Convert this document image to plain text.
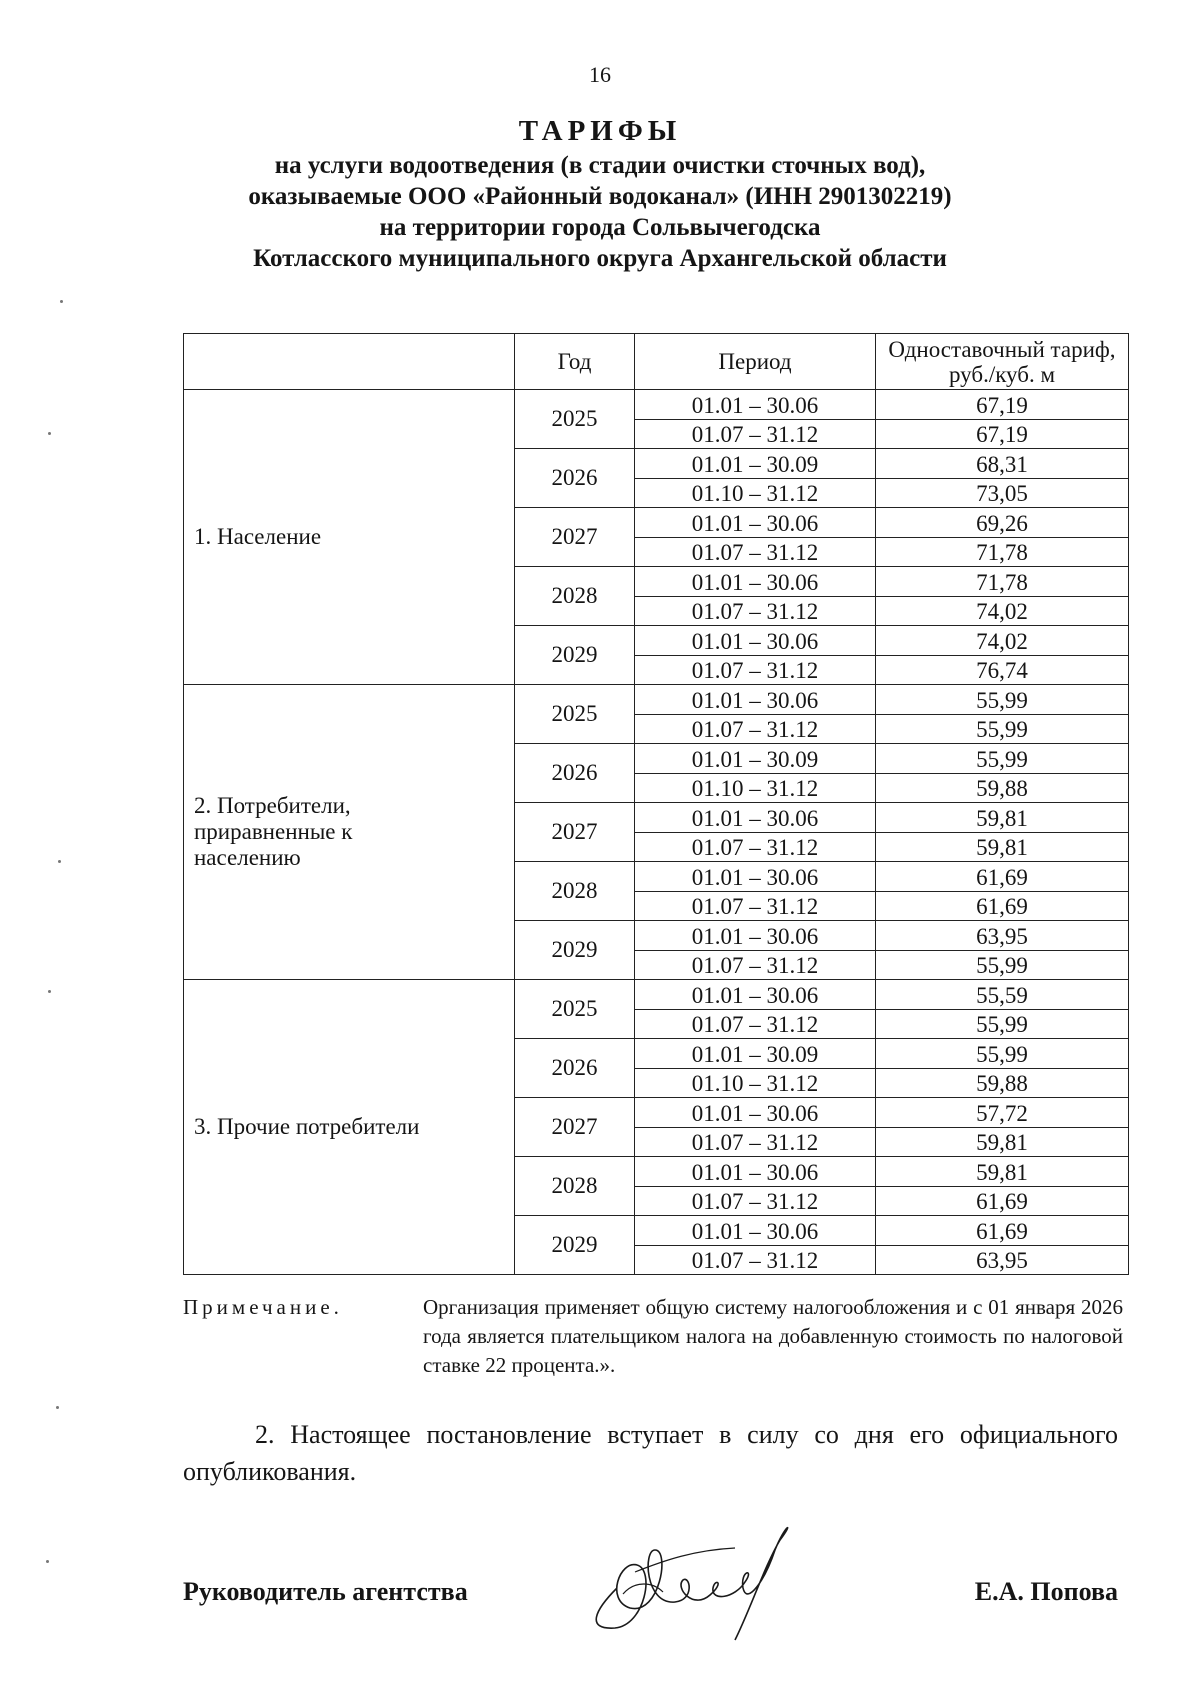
16
ТАРИФЫ
на услуги водоотведения (в стадии очистки сточных вод),
оказываемые ООО «Районный водоканал» (ИНН 2901302219)
на территории города Сольвычегодска
Котласского муниципального округа Архангельской области
	Год	Период	Одноставочный тариф, руб./куб. м
1. Население	2025	01.01 – 30.06	67,19
		01.07 – 31.12	67,19
	2026	01.01 – 30.09	68,31
		01.10 – 31.12	73,05
	2027	01.01 – 30.06	69,26
		01.07 – 31.12	71,78
	2028	01.01 – 30.06	71,78
		01.07 – 31.12	74,02
	2029	01.01 – 30.06	74,02
		01.07 – 31.12	76,74
2. Потребители, приравненные к населению	2025	01.01 – 30.06	55,99
		01.07 – 31.12	55,99
	2026	01.01 – 30.09	55,99
		01.10 – 31.12	59,88
	2027	01.01 – 30.06	59,81
		01.07 – 31.12	59,81
	2028	01.01 – 30.06	61,69
		01.07 – 31.12	61,69
	2029	01.01 – 30.06	63,95
		01.07 – 31.12	55,99
3. Прочие потребители	2025	01.01 – 30.06	55,59
		01.07 – 31.12	55,99
	2026	01.01 – 30.09	55,99
		01.10 – 31.12	59,88
	2027	01.01 – 30.06	57,72
		01.07 – 31.12	59,81
	2028	01.01 – 30.06	59,81
		01.07 – 31.12	61,69
	2029	01.01 – 30.06	61,69
		01.07 – 31.12	63,95
Примечание.	Организация применяет общую систему налогообложения и с 01 января 2026 года является плательщиком налога на добавленную стоимость по налоговой ставке 22 процента.».
2. Настоящее постановление вступает в силу со дня его официального опубликования.
Руководитель агентства	Е.А. Попова
